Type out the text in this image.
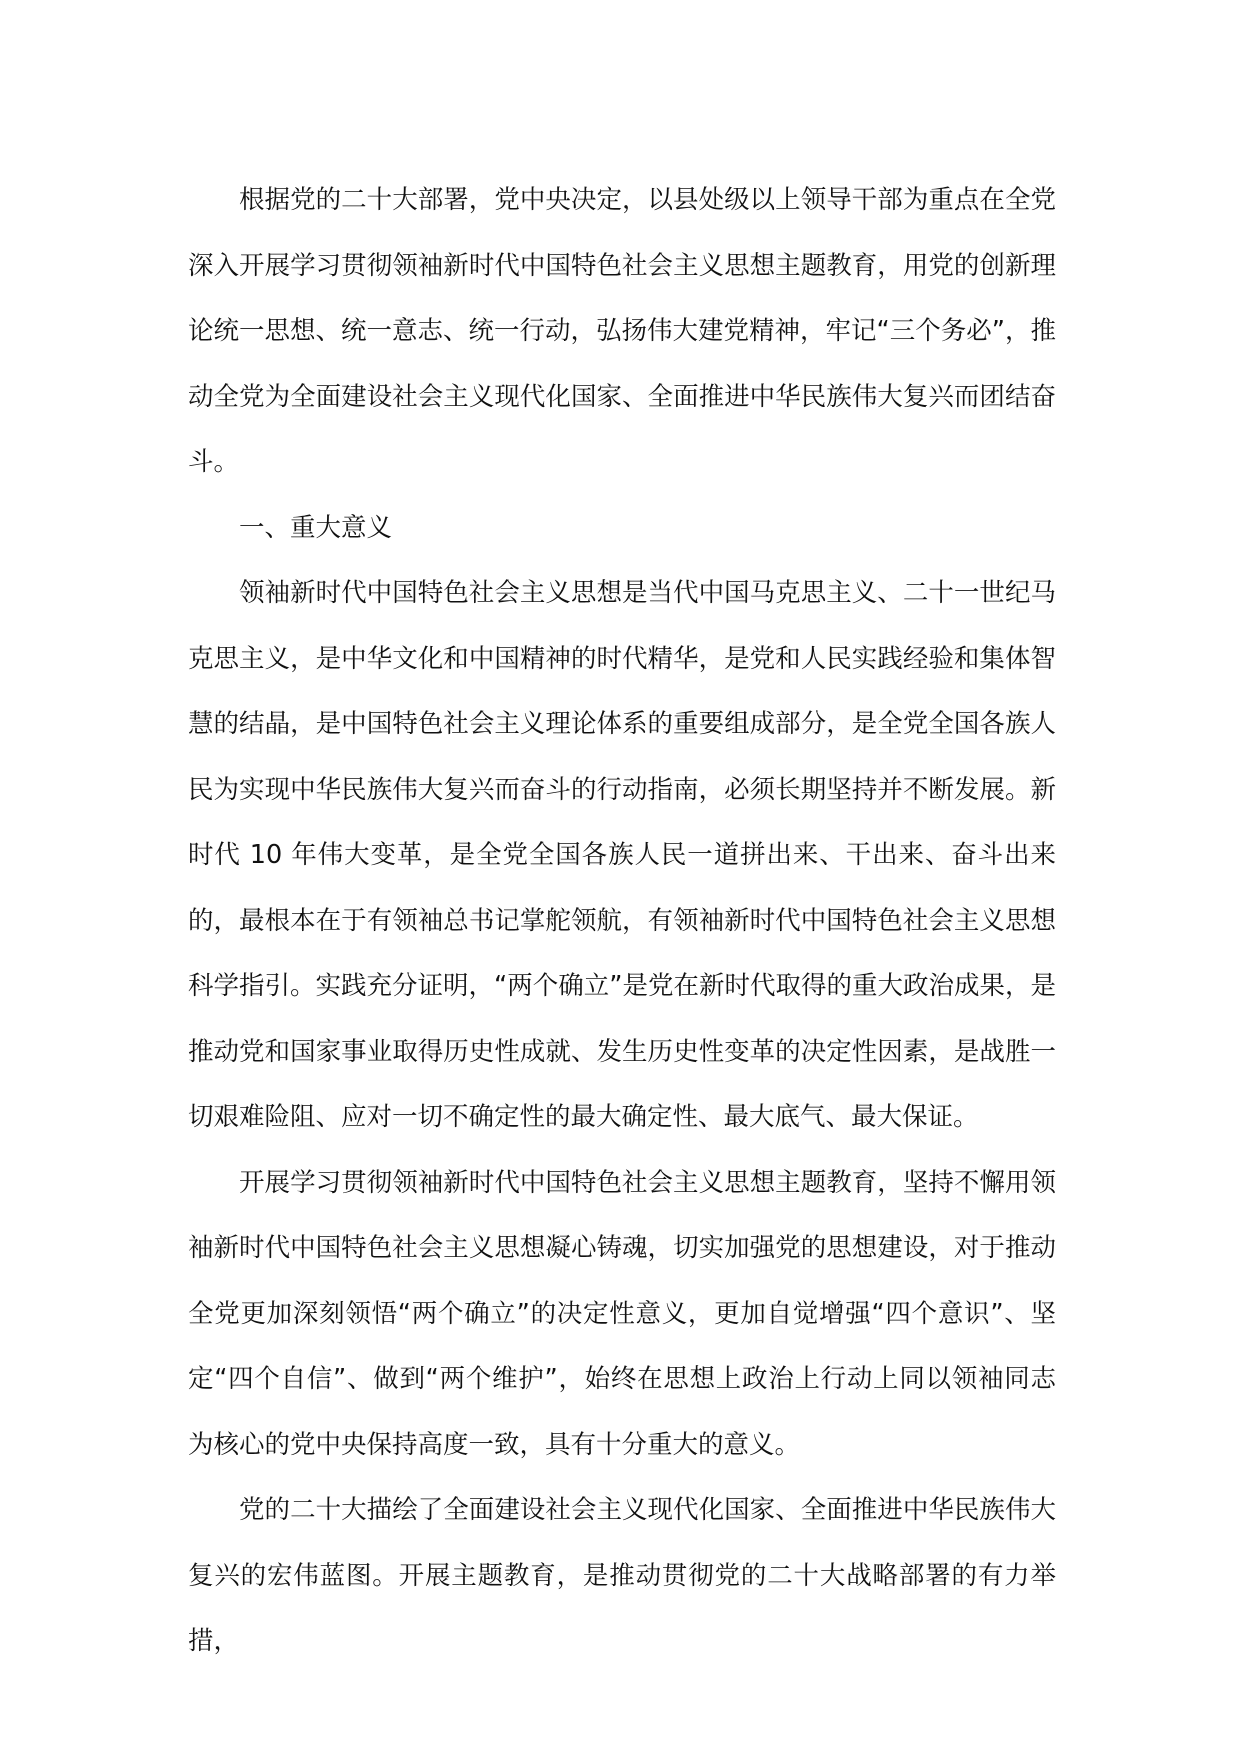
根据党的二十大部署，党中央决定，以县处级以上领导干部为重点在全党深入开展学习贯彻领袖新时代中国特色社会主义思想主题教育，用党的创新理论统一思想、统一意志、统一行动，弘扬伟大建党精神，牢记“三个务必”，推动全党为全面建设社会主义现代化国家、全面推进中华民族伟大复兴而团结奋斗。

一、重大意义

领袖新时代中国特色社会主义思想是当代中国马克思主义、二十一世纪马克思主义，是中华文化和中国精神的时代精华，是党和人民实践经验和集体智慧的结晶，是中国特色社会主义理论体系的重要组成部分，是全党全国各族人民为实现中华民族伟大复兴而奋斗的行动指南，必须长期坚持并不断发展。新时代 10 年伟大变革，是全党全国各族人民一道拼出来、干出来、奋斗出来的，最根本在于有领袖总书记掌舵领航，有领袖新时代中国特色社会主义思想科学指引。实践充分证明，“两个确立”是党在新时代取得的重大政治成果，是推动党和国家事业取得历史性成就、发生历史性变革的决定性因素，是战胜一切艰难险阻、应对一切不确定性的最大确定性、最大底气、最大保证。

开展学习贯彻领袖新时代中国特色社会主义思想主题教育，坚持不懈用领袖新时代中国特色社会主义思想凝心铸魂，切实加强党的思想建设，对于推动全党更加深刻领悟“两个确立”的决定性意义，更加自觉增强“四个意识”、坚定“四个自信”、做到“两个维护”，始终在思想上政治上行动上同以领袖同志为核心的党中央保持高度一致，具有十分重大的意义。

党的二十大描绘了全面建设社会主义现代化国家、全面推进中华民族伟大复兴的宏伟蓝图。开展主题教育，是推动贯彻党的二十大战略部署的有力举措，
